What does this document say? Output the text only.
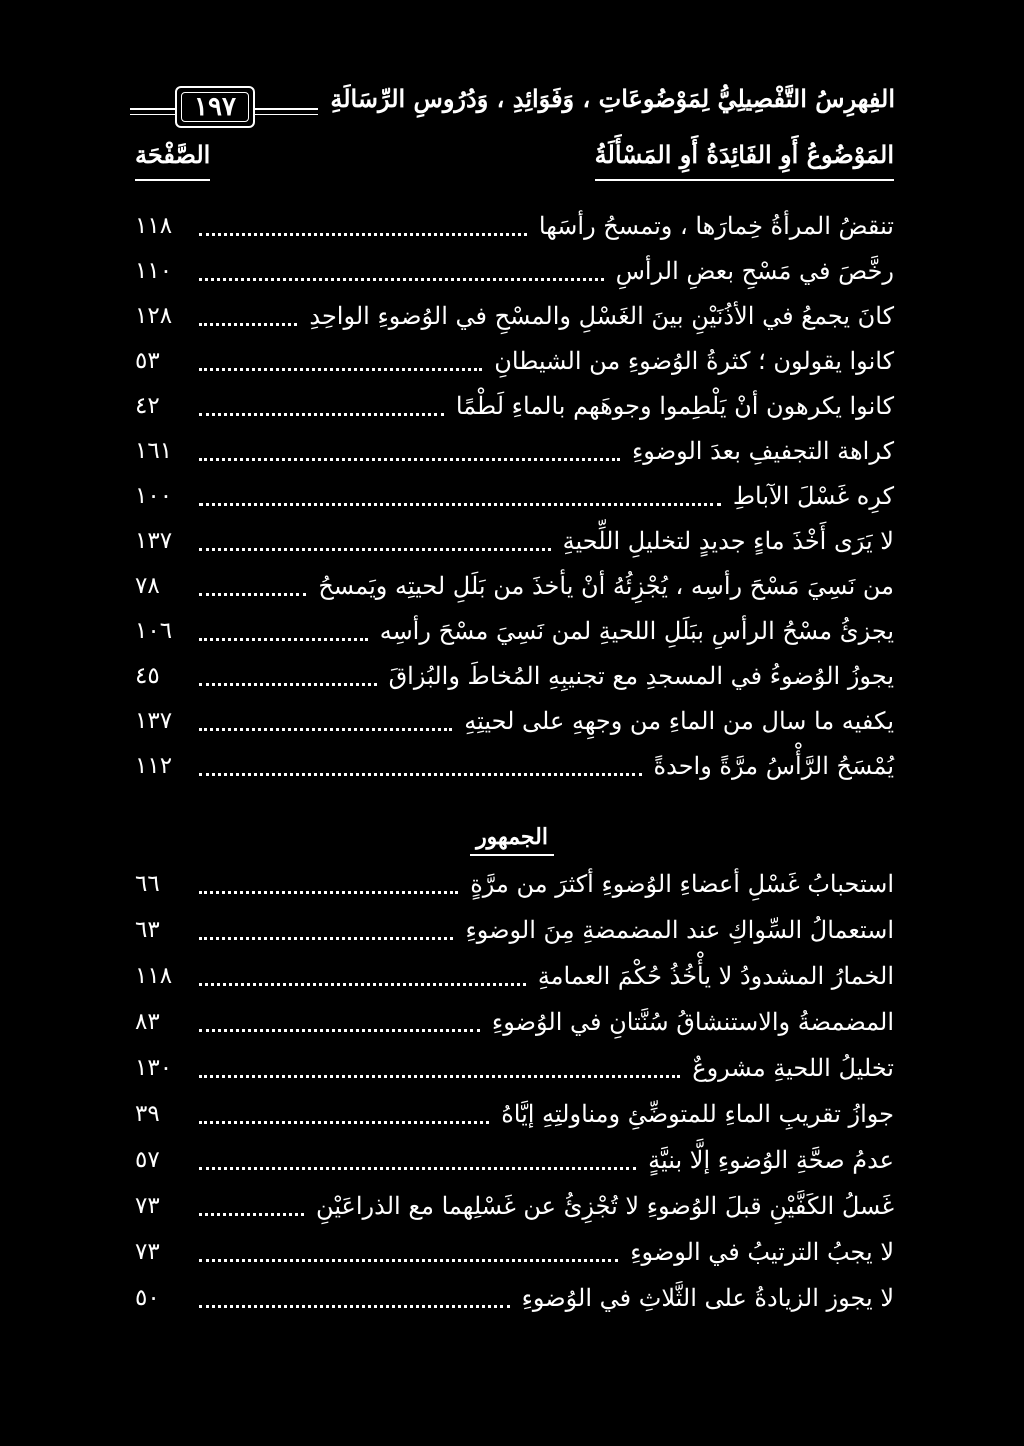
١٩٧	الفِهرِسُ التَّفْصِيلِيُّ لِمَوْضُوعَاتِ ، وَفَوَائِدِ ، وَدُرُوسِ الرِّسَالَةِ
المَوْضُوعُ أَوِ الفَائِدَةُ أَوِ المَسْأَلَةُ
الصَّفْحَة
تنقضُ المرأةُ خِمارَها ، وتمسحُ رأسَها
١١٨
رخَّصَ في مَسْحِ بعضِ الرأسِ
١١٠
كانَ يجمعُ في الأذُنَيْنِ بينَ الغَسْلِ والمسْحِ في الوُضوءِ الواحِدِ
١٢٨
كانوا يقولون ؛ كثرةُ الوُضوءِ من الشيطانِ
٥٣
كانوا يكرهون أنْ يَلْطِموا وجوهَهم بالماءِ لَطْمًا
٤٢
كراهة التجفيفِ بعدَ الوضوءِ
١٦١
كرِه غَسْلَ الآباطِ
١٠٠
لا يَرَى أَخْذَ ماءٍ جديدٍ لتخليلِ اللِّحيةِ
١٣٧
من نَسِيَ مَسْحَ رأسِه ، يُجْزِئُهُ أنْ يأخذَ من بَلَلِ لحيتِه ويَمسحُ
٧٨
يجزئُ مسْحُ الرأسِ ببَلَلِ اللحيةِ لمن نَسِيَ مسْحَ رأسِه
١٠٦
يجوزُ الوُضوءُ في المسجدِ مع تجنيبِهِ المُخاطَ والبُزاقَ
٤٥
يكفيه ما سال من الماءِ من وجهِهِ على لحيتِهِ
١٣٧
يُمْسَحُ الرَّأْسُ مرَّةً واحدةً
١١٢
الجمهور
استحبابُ غَسْلِ أعضاءِ الوُضوءِ أكثرَ من مرَّةٍ
٦٦
استعمالُ السِّواكِ عند المضمضةِ مِنَ الوضوءِ
٦٣
الخمارُ المشدودُ لا يأْخُذُ حُكْمَ العمامةِ
١١٨
المضمضةُ والاستنشاقُ سُنَّتانِ في الوُضوءِ
٨٣
تخليلُ اللحيةِ مشروعٌ
١٣٠
جوازُ تقريبِ الماءِ للمتوضِّئِ ومناولتِهِ إيَّاهُ
٣٩
عدمُ صحَّةِ الوُضوءِ إلَّا بنيَّةٍ
٥٧
غَسلُ الكَفَّيْنِ قبلَ الوُضوءِ لا تُجْزِئُ عن غَسْلِهما مع الذراعَيْنِ
٧٣
لا يجبُ الترتيبُ في الوضوءِ
٧٣
لا يجوز الزيادةُ على الثَّلاثِ في الوُضوءِ
٥٠
